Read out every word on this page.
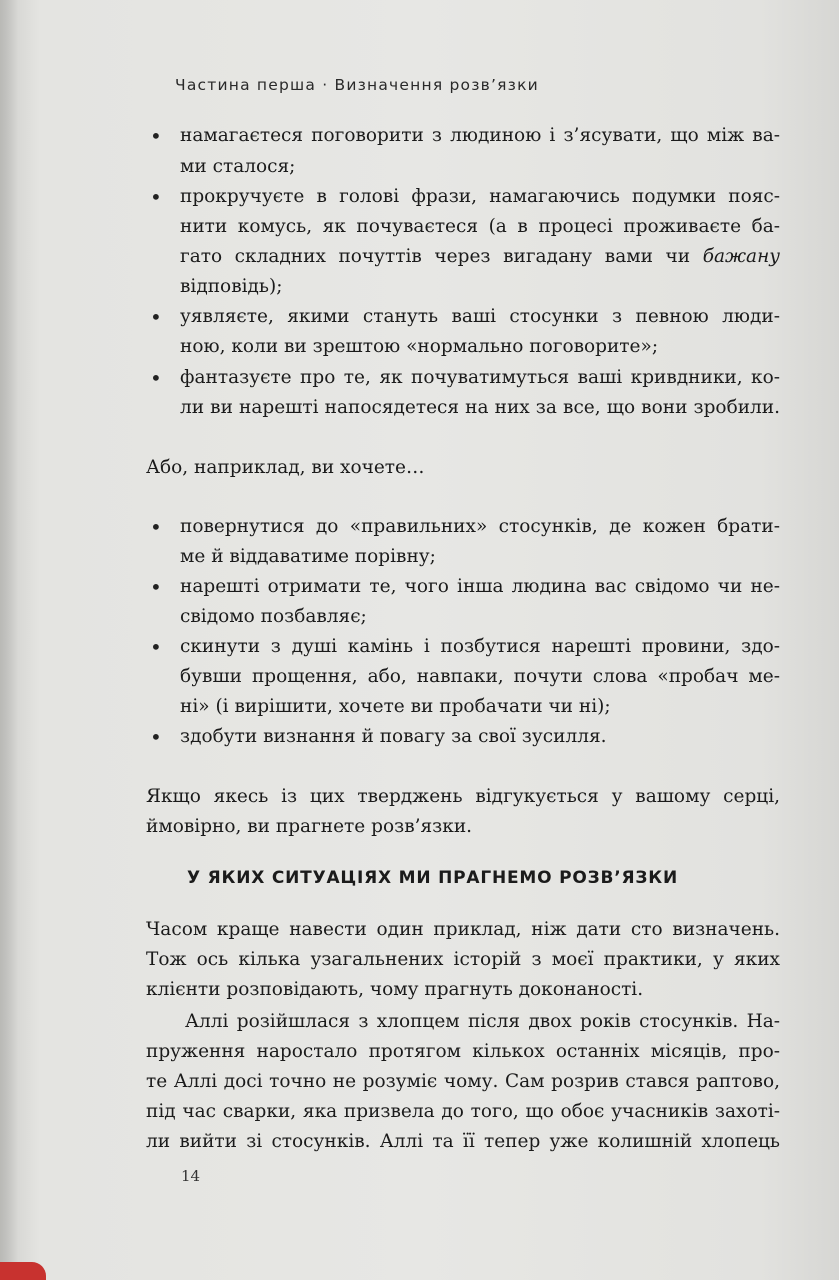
Частина перша · Визначення розв’язки
• намагаєтеся поговорити з людиною і з’ясувати, що між ва-
ми сталося;
• прокручуєте в голові фрази, намагаючись подумки пояс-
нити комусь, як почуваєтеся (а в процесі проживаєте ба-
гато складних почуттів через вигадану вами чи бажану
відповідь);
• уявляєте, якими стануть ваші стосунки з певною люди-
ною, коли ви зрештою «нормально поговорите»;
• фантазуєте про те, як почуватимуться ваші кривдники, ко-
ли ви нарешті напосядетеся на них за все, що вони зробили.
Або, наприклад, ви хочете…
• повернутися до «правильних» стосунків, де кожен брати-
ме й віддаватиме порівну;
• нарешті отримати те, чого інша людина вас свідомо чи не-
свідомо позбавляє;
• скинути з душі камінь і позбутися нарешті провини, здо-
бувши прощення, або, навпаки, почути слова «пробач ме-
ні» (і вирішити, хочете ви пробачати чи ні);
• здобути визнання й повагу за свої зусилля.
Якщо якесь із цих тверджень відгукується у вашому серці,
ймовірно, ви прагнете розв’язки.
У ЯКИХ СИТУАЦІЯХ МИ ПРАГНЕМО РОЗВ’ЯЗКИ
Часом краще навести один приклад, ніж дати сто визначень.
Тож ось кілька узагальнених історій з моєї практики, у яких
клієнти розповідають, чому прагнуть доконаності.
Аллі розійшлася з хлопцем після двох років стосунків. На-
пруження наростало протягом кількох останніх місяців, про-
те Аллі досі точно не розуміє чому. Сам розрив стався раптово,
під час сварки, яка призвела до того, що обоє учасників захоті-
ли вийти зі стосунків. Аллі та її тепер уже колишній хлопець
14
